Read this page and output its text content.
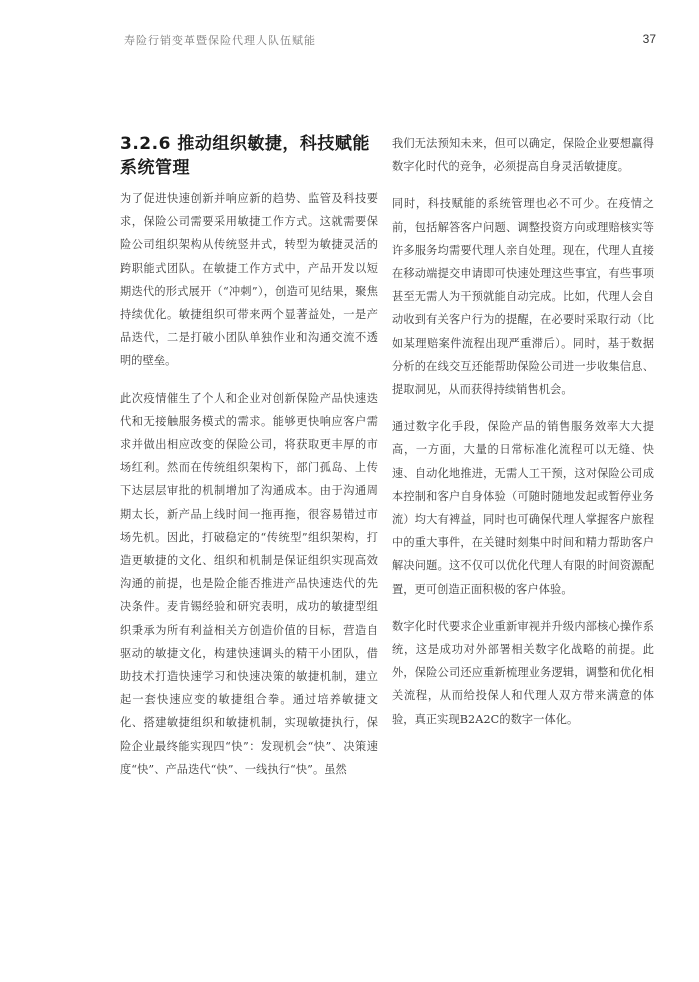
寿险行销变革暨保险代理人队伍赋能	37
3.2.6 推动组织敏捷，科技赋能系统管理

为了促进快速创新并响应新的趋势、监管及科技要求，保险公司需要采用敏捷工作方式。这就需要保险公司组织架构从传统竖井式，转型为敏捷灵活的跨职能式团队。在敏捷工作方式中，产品开发以短期迭代的形式展开（“冲刺”），创造可见结果，聚焦持续优化。敏捷组织可带来两个显著益处，一是产品迭代，二是打破小团队单独作业和沟通交流不透明的壁垒。

此次疫情催生了个人和企业对创新保险产品快速迭代和无接触服务模式的需求。能够更快响应客户需求并做出相应改变的保险公司，将获取更丰厚的市场红利。然而在传统组织架构下，部门孤岛、上传下达层层审批的机制增加了沟通成本。由于沟通周期太长，新产品上线时间一拖再拖，很容易错过市场先机。因此，打破稳定的“传统型”组织架构，打造更敏捷的文化、组织和机制是保证组织实现高效沟通的前提，也是险企能否推进产品快速迭代的先决条件。麦肯锡经验和研究表明，成功的敏捷型组织秉承为所有利益相关方创造价值的目标，营造自驱动的敏捷文化，构建快速调头的精干小团队，借助技术打造快速学习和快速决策的敏捷机制，建立起一套快速应变的敏捷组合拳。通过培养敏捷文化、搭建敏捷组织和敏捷机制，实现敏捷执行，保险企业最终能实现四“快”：发现机会“快”、决策速度“快”、产品迭代“快”、一线执行“快”。虽然

我们无法预知未来，但可以确定，保险企业要想赢得数字化时代的竞争，必须提高自身灵活敏捷度。

同时，科技赋能的系统管理也必不可少。在疫情之前，包括解答客户问题、调整投资方向或理赔核实等许多服务均需要代理人亲自处理。现在，代理人直接在移动端提交申请即可快速处理这些事宜，有些事项甚至无需人为干预就能自动完成。比如，代理人会自动收到有关客户行为的提醒，在必要时采取行动（比如某理赔案件流程出现严重滞后）。同时，基于数据分析的在线交互还能帮助保险公司进一步收集信息、提取洞见，从而获得持续销售机会。

通过数字化手段，保险产品的销售服务效率大大提高，一方面，大量的日常标准化流程可以无缝、快速、自动化地推进，无需人工干预，这对保险公司成本控制和客户自身体验（可随时随地发起或暂停业务流）均大有裨益，同时也可确保代理人掌握客户旅程中的重大事件，在关键时刻集中时间和精力帮助客户解决问题。这不仅可以优化代理人有限的时间资源配置，更可创造正面积极的客户体验。

数字化时代要求企业重新审视并升级内部核心操作系统，这是成功对外部署相关数字化战略的前提。此外，保险公司还应重新梳理业务逻辑，调整和优化相关流程，从而给投保人和代理人双方带来满意的体验，真正实现B2A2C的数字一体化。
